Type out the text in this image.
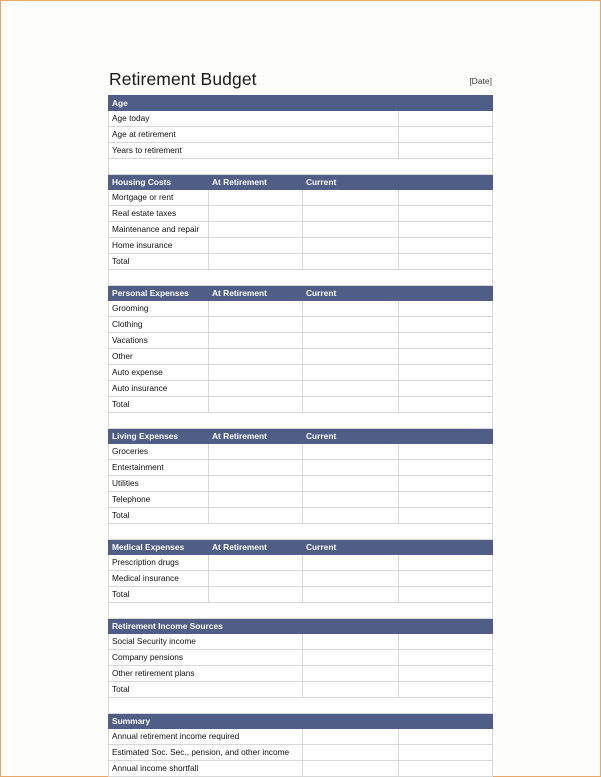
Retirement Budget	[Date]
Age			
Age today			
Age at retirement			
Years to retirement			

Housing Costs	At Retirement	Current	
Mortgage or rent			
Real estate taxes			
Maintenance and repair			
Home insurance			
Total			

Personal Expenses	At Retirement	Current	
Grooming			
Clothing			
Vacations			
Other			
Auto expense			
Auto insurance			
Total			

Living Expenses	At Retirement	Current	
Groceries			
Entertainment			
Utilities			
Telephone			
Total			

Medical Expenses	At Retirement	Current	
Prescription drugs			
Medical insurance			
Total			

Retirement Income Sources			
Social Security income			
Company pensions			
Other retirement plans			
Total			

Summary			
Annual retirement income required			
Estimated Soc. Sec., pension, and other income			
Annual income shortfall			
